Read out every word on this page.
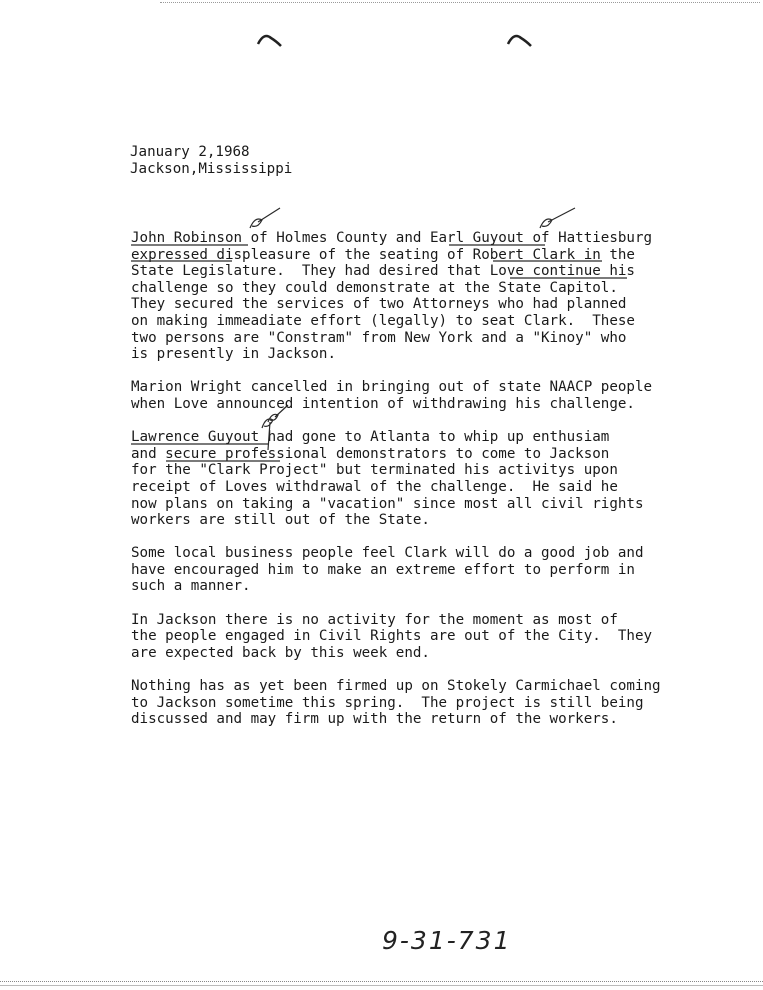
January 2,1968
Jackson,Mississippi
John Robinson of Holmes County and Earl Guyout of Hattiesburg
expressed displeasure of the seating of Robert Clark in the
State Legislature.  They had desired that Love continue his
challenge so they could demonstrate at the State Capitol.
They secured the services of two Attorneys who had planned
on making immeadiate effort (legally) to seat Clark.  These
two persons are "Constram" from New York and a "Kinoy" who
is presently in Jackson.
Marion Wright cancelled in bringing out of state NAACP people
when Love announced intention of withdrawing his challenge.
Lawrence Guyout had gone to Atlanta to whip up enthusiam
and secure professional demonstrators to come to Jackson
for the "Clark Project" but terminated his activitys upon
receipt of Loves withdrawal of the challenge.  He said he
now plans on taking a "vacation" since most all civil rights
workers are still out of the State.
Some local business people feel Clark will do a good job and
have encouraged him to make an extreme effort to perform in
such a manner.
In Jackson there is no activity for the moment as most of
the people engaged in Civil Rights are out of the City.  They
are expected back by this week end.
Nothing has as yet been firmed up on Stokely Carmichael coming
to Jackson sometime this spring.  The project is still being
discussed and may firm up with the return of the workers.
9-31-731
